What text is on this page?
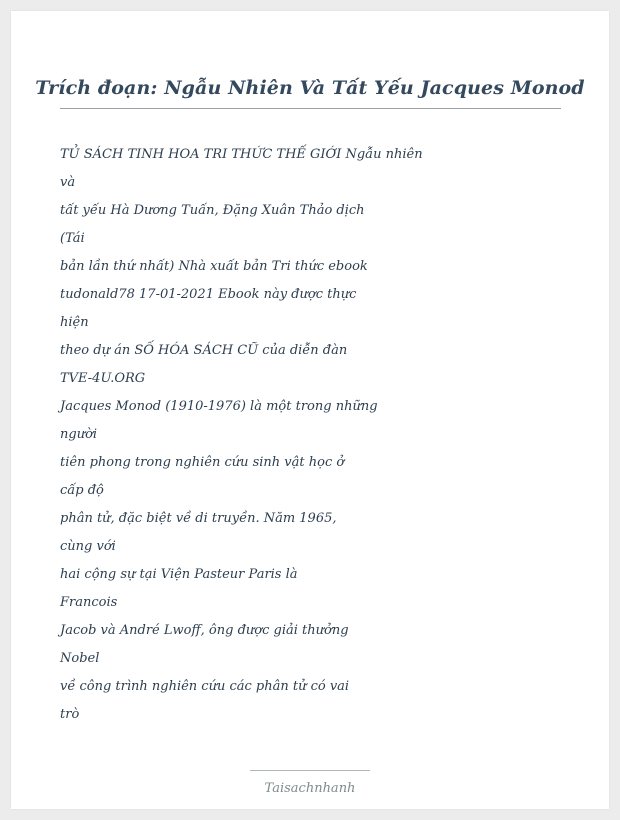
Trích đoạn: Ngẫu Nhiên Và Tất Yếu Jacques Monod
TỦ SÁCH TINH HOA TRI THỨC THẾ GIỚI Ngẫu nhiên
và
tất yếu Hà Dương Tuấn, Đặng Xuân Thảo dịch
(Tái
bản lần thứ nhất) Nhà xuất bản Tri thức ebook
tudonald78 17-01-2021 Ebook này được thực
hiện
theo dự án SỐ HÓA SÁCH CŨ của diễn đàn
TVE-4U.ORG
Jacques Monod (1910-1976) là một trong những
người
tiên phong trong nghiên cứu sinh vật học ở
cấp độ
phân tử, đặc biệt về di truyền. Năm 1965,
cùng với
hai cộng sự tại Viện Pasteur Paris là
Francois
Jacob và André Lwoff, ông được giải thưởng
Nobel
về công trình nghiên cứu các phân tử có vai
trò
Taisachnhanh
